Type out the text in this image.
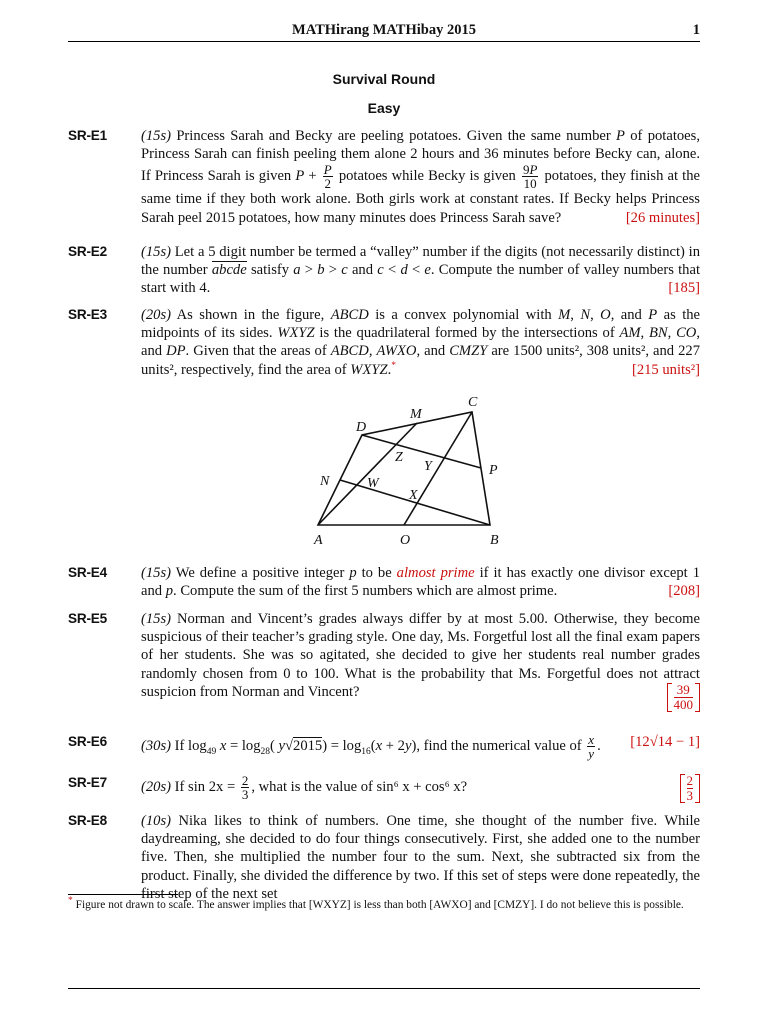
MATHirang MATHibay 2015	1
Survival Round
Easy
SR-E1 (15s) Princess Sarah and Becky are peeling potatoes. Given the same number P of potatoes, Princess Sarah can finish peeling them alone 2 hours and 36 minutes before Becky can, alone. If Princess Sarah is given $P + \frac{P}{2}$ potatoes while Becky is given $\frac{9P}{10}$ potatoes, they finish at the same time if they both work alone. Both girls work at constant rates. If Becky helps Princess Sarah peel 2015 potatoes, how many minutes does Princess Sarah save?	[26 minutes]
SR-E2 (15s) Let a 5 digit number be termed a “valley” number if the digits (not necessarily distinct) in the number abcde satisfy a > b > c and c < d < e. Compute the number of valley numbers that start with 4.	[185]
SR-E3 (20s) As shown in the figure, ABCD is a convex polynomial with M, N, O, and P as the midpoints of its sides. WXYZ is the quadrilateral formed by the intersections of AM, BN, CO, and DP. Given that the areas of ABCD, AWXO, and CMZY are 1500 units², 308 units², and 227 units², respectively, find the area of WXYZ.*	[215 units²]
A	O	B
C
D
M
N
P
W
X
Y
Z
SR-E4 (15s) We define a positive integer p to be almost prime if it has exactly one divisor except 1 and p. Compute the sum of the first 5 numbers which are almost prime.	[208]
SR-E5 (15s) Norman and Vincent’s grades always differ by at most 5.00. Otherwise, they become suspicious of their teacher’s grading style. One day, Ms. Forgetful lost all the final exam papers of her students. She was so agitated, she decided to give her students real number grades randomly chosen from 0 to 100. What is the probability that Ms. Forgetful does not attract suspicion from Norman and Vincent?	$\frac{39}{400}$
SR-E6 (30s) If $\log_{49} x = \log_{28}$( $y√2015) = \log_{16}(x + 2y)$, find the numerical value of $\frac{x}{y}$ . [12√14 − 1]
SR-E7 (20s) If $\sin 2x = \frac{2}{3}$ , what is the value of sin⁶ x + cos⁶ x?	$\frac{2}{3}$
SR-E8 (10s) Nika likes to think of numbers. One time, she thought of the number five. While daydreaming, she decided to do four things consecutively. First, she added one to the number five. Then, she multiplied the number four to the sum. Next, she subtracted six from the product. Finally, she divided the difference by two. If this set of steps were done repeatedly, the first step of the next set
* Figure not drawn to scale. The answer implies that [WXYZ] is less than both [AWXO] and [CMZY]. I do not believe this is possible.
